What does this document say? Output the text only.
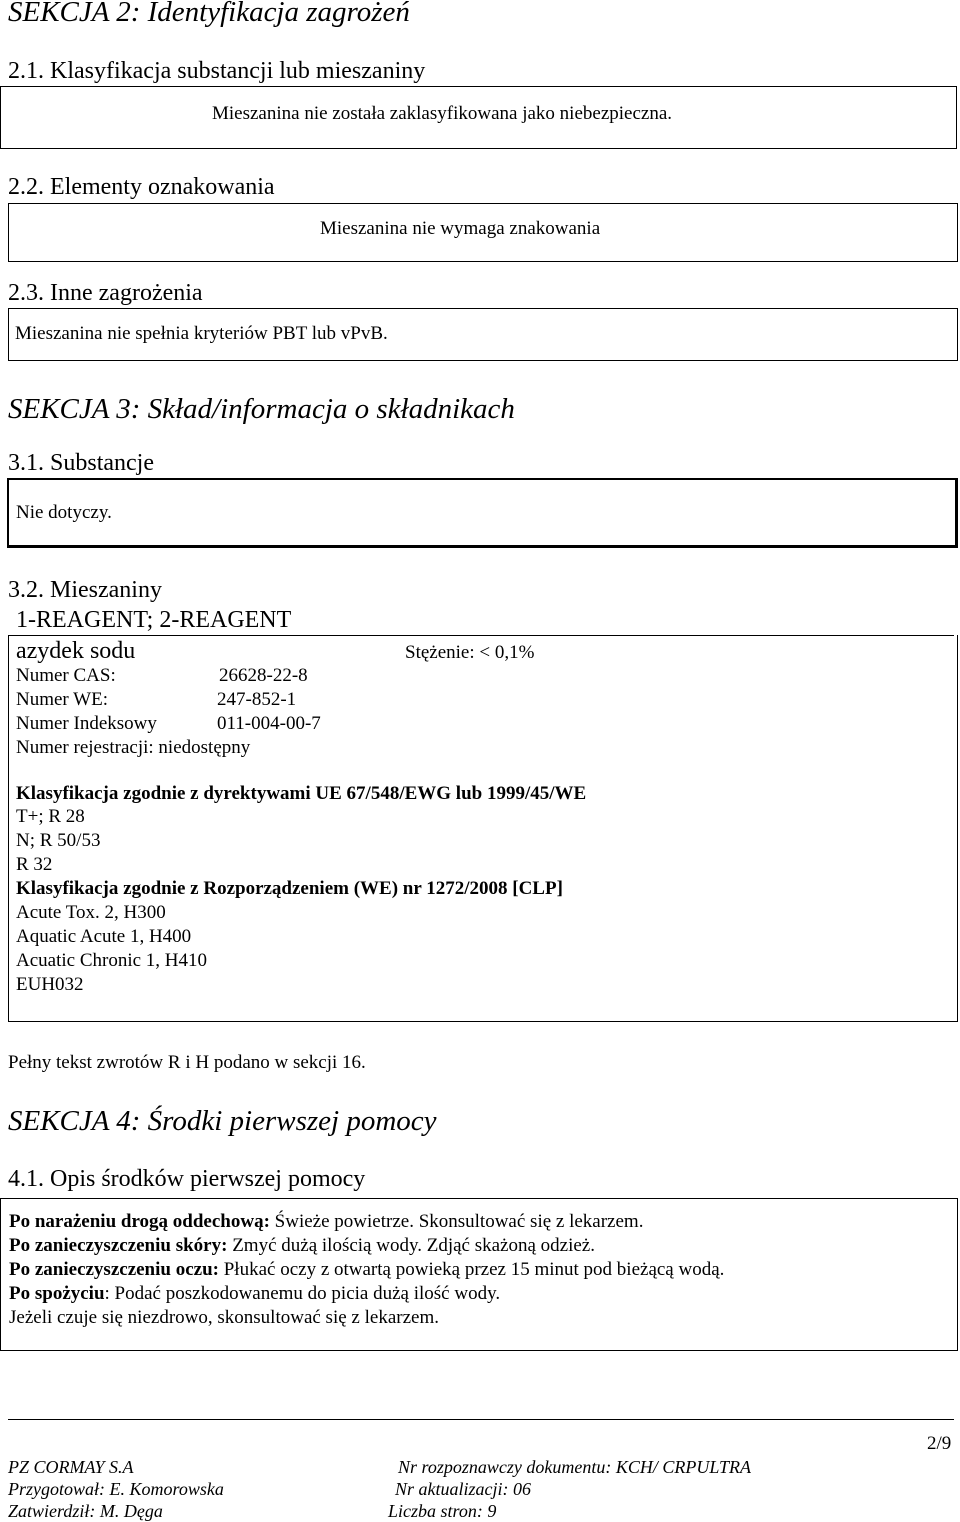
SEKCJA 2: Identyfikacja zagrożeń
2.1. Klasyfikacja substancji lub mieszaniny
Mieszanina nie została zaklasyfikowana jako niebezpieczna.
2.2. Elementy oznakowania
Mieszanina nie wymaga znakowania
2.3. Inne zagrożenia
Mieszanina nie spełnia kryteriów PBT lub vPvB.
SEKCJA 3: Skład/informacja o składnikach
3.1. Substancje
Nie dotyczy.
3.2. Mieszaniny
1-REAGENT; 2-REAGENT
azydek sodu	Stężenie: < 0,1%
Numer CAS:	26628-22-8
Numer WE:	247-852-1
Numer Indeksowy	011-004-00-7
Numer rejestracji: niedostępny
Klasyfikacja zgodnie z dyrektywami UE 67/548/EWG lub 1999/45/WE
T+; R 28
N; R 50/53
R 32
Klasyfikacja zgodnie z Rozporządzeniem (WE) nr 1272/2008 [CLP]
Acute Tox. 2, H300
Aquatic Acute 1, H400
Acuatic Chronic 1, H410
EUH032
Pełny tekst zwrotów R i H podano w sekcji 16.
SEKCJA 4: Środki pierwszej pomocy
4.1. Opis środków pierwszej pomocy
Po narażeniu drogą oddechową: Świeże powietrze. Skonsultować się z lekarzem.
Po zanieczyszczeniu skóry: Zmyć dużą ilością wody. Zdjąć skażoną odzież.
Po zanieczyszczeniu oczu: Płukać oczy z otwartą powieką przez 15 minut pod bieżącą wodą.
Po spożyciu: Podać poszkodowanemu do picia dużą ilość wody.
Jeżeli czuje się niezdrowo, skonsultować się z lekarzem.
2/9
PZ CORMAY S.A	Nr rozpoznawczy dokumentu: KCH/ CRPULTRA
Przygotował: E. Komorowska	Nr aktualizacji: 06
Zatwierdził: M. Dęga	Liczba stron: 9
